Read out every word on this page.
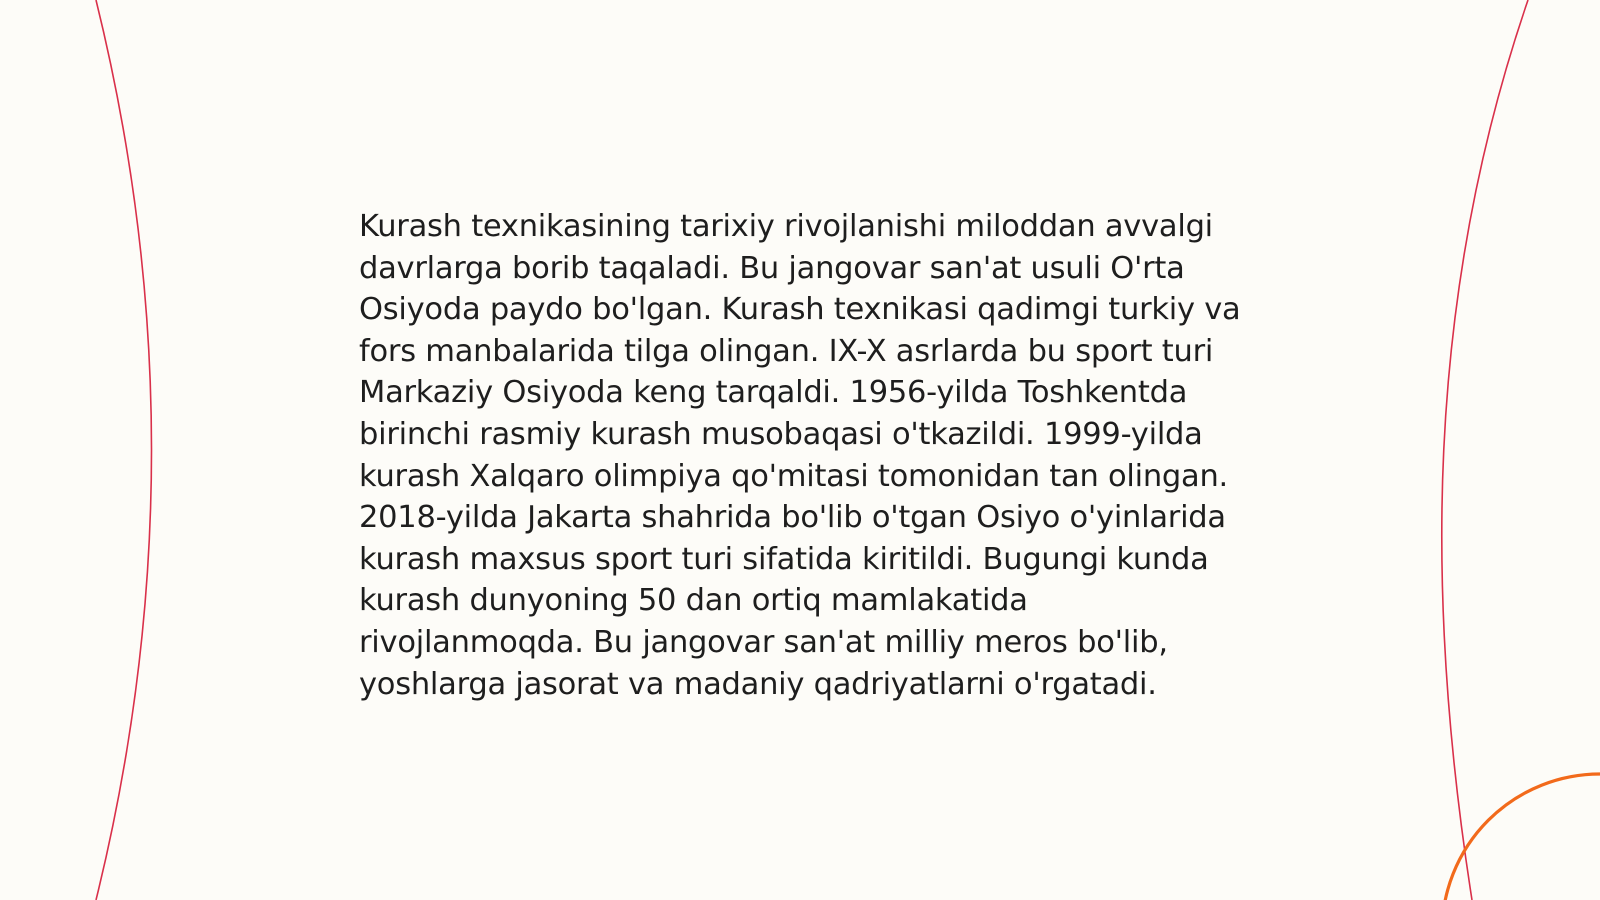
Kurash texnikasining tarixiy rivojlanishi miloddan avvalgi davrlarga borib taqaladi. Bu jangovar san'at usuli O'rta Osiyoda paydo bo'lgan. Kurash texnikasi qadimgi turkiy va fors manbalarida tilga olingan. IX-X asrlarda bu sport turi Markaziy Osiyoda keng tarqaldi. 1956-yilda Toshkentda birinchi rasmiy kurash musobaqasi o'tkazildi. 1999-yilda kurash Xalqaro olimpiya qo'mitasi tomonidan tan olingan. 2018-yilda Jakarta shahrida bo'lib o'tgan Osiyo o'yinlarida kurash maxsus sport turi sifatida kiritildi. Bugungi kunda kurash dunyoning 50 dan ortiq mamlakatida rivojlanmoqda. Bu jangovar san'at milliy meros bo'lib, yoshlarga jasorat va madaniy qadriyatlarni o'rgatadi.
